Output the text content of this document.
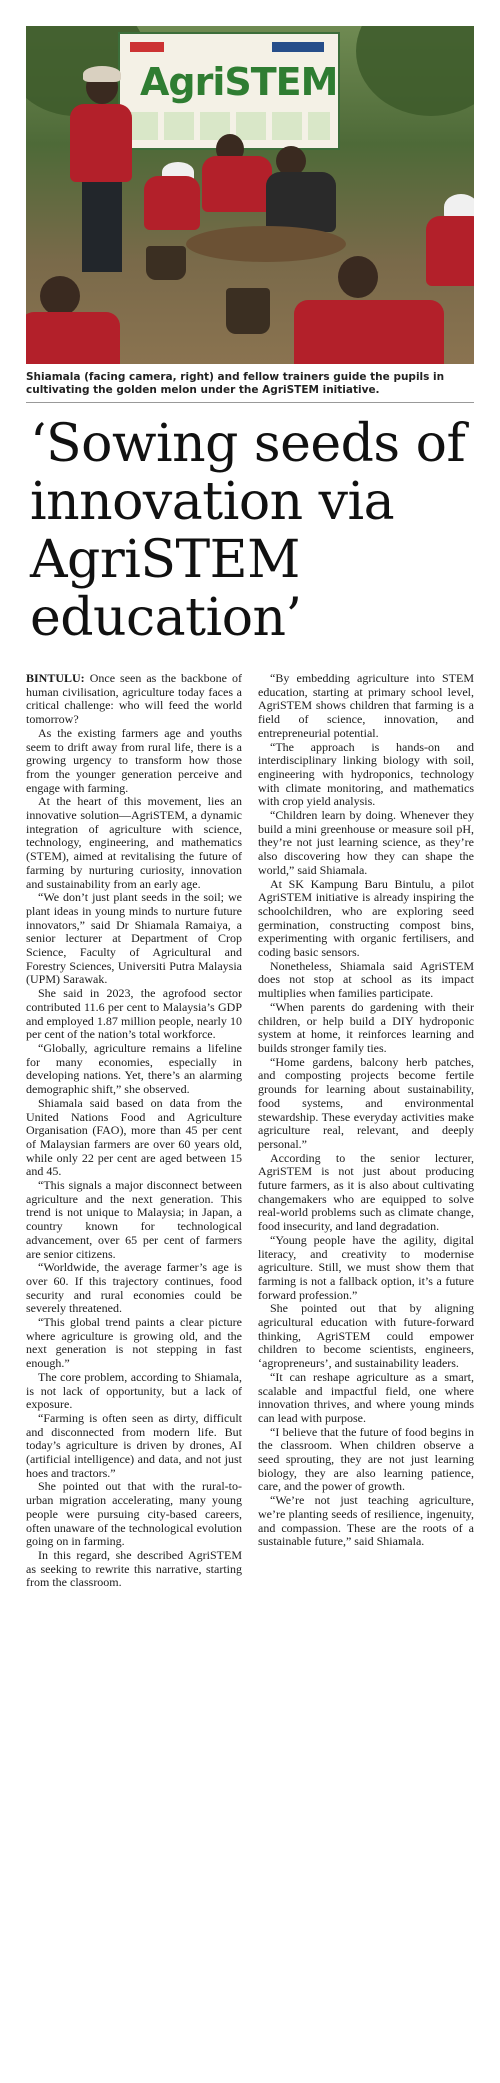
AgriSTEM
Shiamala (facing camera, right) and fellow trainers guide the pupils in cultivating the golden melon under the AgriSTEM initiative.
‘Sowing seeds of innovation via AgriSTEM education’

BINTULU: Once seen as the backbone of human civilisation, agriculture today faces a critical challenge: who will feed the world tomorrow?

As the existing farmers age and youths seem to drift away from rural life, there is a growing urgency to transform how those from the younger generation perceive and engage with farming.

At the heart of this movement, lies an innovative solution—AgriSTEM, a dynamic integration of agriculture with science, technology, engineering, and mathematics (STEM), aimed at revitalising the future of farming by nurturing curiosity, innovation and sustainability from an early age.

“We don’t just plant seeds in the soil; we plant ideas in young minds to nurture future innovators,” said Dr Shiamala Ramaiya, a senior lecturer at Department of Crop Science, Faculty of Agricultural and Forestry Sciences, Universiti Putra Malaysia (UPM) Sarawak.

She said in 2023, the agrofood sector contributed 11.6 per cent to Malaysia’s GDP and employed 1.87 million people, nearly 10 per cent of the nation’s total workforce.

“Globally, agriculture remains a lifeline for many economies, especially in developing nations. Yet, there’s an alarming demographic shift,” she observed.

Shiamala said based on data from the United Nations Food and Agriculture Organisation (FAO), more than 45 per cent of Malaysian farmers are over 60 years old, while only 22 per cent are aged between 15 and 45.

“This signals a major disconnect between agriculture and the next generation. This trend is not unique to Malaysia; in Japan, a country known for technological advancement, over 65 per cent of farmers are senior citizens.

“Worldwide, the average farmer’s age is over 60. If this trajectory continues, food security and rural economies could be severely threatened.

“This global trend paints a clear picture where agriculture is growing old, and the next generation is not stepping in fast enough.”

The core problem, according to Shiamala, is not lack of opportunity, but a lack of exposure.

“Farming is often seen as dirty, difficult and disconnected from modern life. But today’s agriculture is driven by drones, AI (artificial intelligence) and data, and not just hoes and tractors.”

She pointed out that with the rural-to-urban migration accelerating, many young people were pursuing city-based careers, often unaware of the technological evolution going on in farming.

In this regard, she described AgriSTEM as seeking to rewrite this narrative, starting from the classroom.

“By embedding agriculture into STEM education, starting at primary school level, AgriSTEM shows children that farming is a field of science, innovation, and entrepreneurial potential.

“The approach is hands-on and interdisciplinary linking biology with soil, engineering with hydroponics, technology with climate monitoring, and mathematics with crop yield analysis.

“Children learn by doing. Whenever they build a mini greenhouse or measure soil pH, they’re not just learning science, as they’re also discovering how they can shape the world,” said Shiamala.

At SK Kampung Baru Bintulu, a pilot AgriSTEM initiative is already inspiring the schoolchildren, who are exploring seed germination, constructing compost bins, experimenting with organic fertilisers, and coding basic sensors.

Nonetheless, Shiamala said AgriSTEM does not stop at school as its impact multiplies when families participate.

“When parents do gardening with their children, or help build a DIY hydroponic system at home, it reinforces learning and builds stronger family ties.

“Home gardens, balcony herb patches, and composting projects become fertile grounds for learning about sustainability, food systems, and environmental stewardship. These everyday activities make agriculture real, relevant, and deeply personal.”

According to the senior lecturer, AgriSTEM is not just about producing future farmers, as it is also about cultivating changemakers who are equipped to solve real-world problems such as climate change, food insecurity, and land degradation.

“Young people have the agility, digital literacy, and creativity to modernise agriculture. Still, we must show them that farming is not a fallback option, it’s a future forward profession.”

She pointed out that by aligning agricultural education with future-forward thinking, AgriSTEM could empower children to become scientists, engineers, ‘agropreneurs’, and sustainability leaders.

“It can reshape agriculture as a smart, scalable and impactful field, one where innovation thrives, and where young minds can lead with purpose.

“I believe that the future of food begins in the classroom. When children observe a seed sprouting, they are not just learning biology, they are also learning patience, care, and the power of growth.

“We’re not just teaching agriculture, we’re planting seeds of resilience, ingenuity, and compassion. These are the roots of a sustainable future,” said Shiamala.
